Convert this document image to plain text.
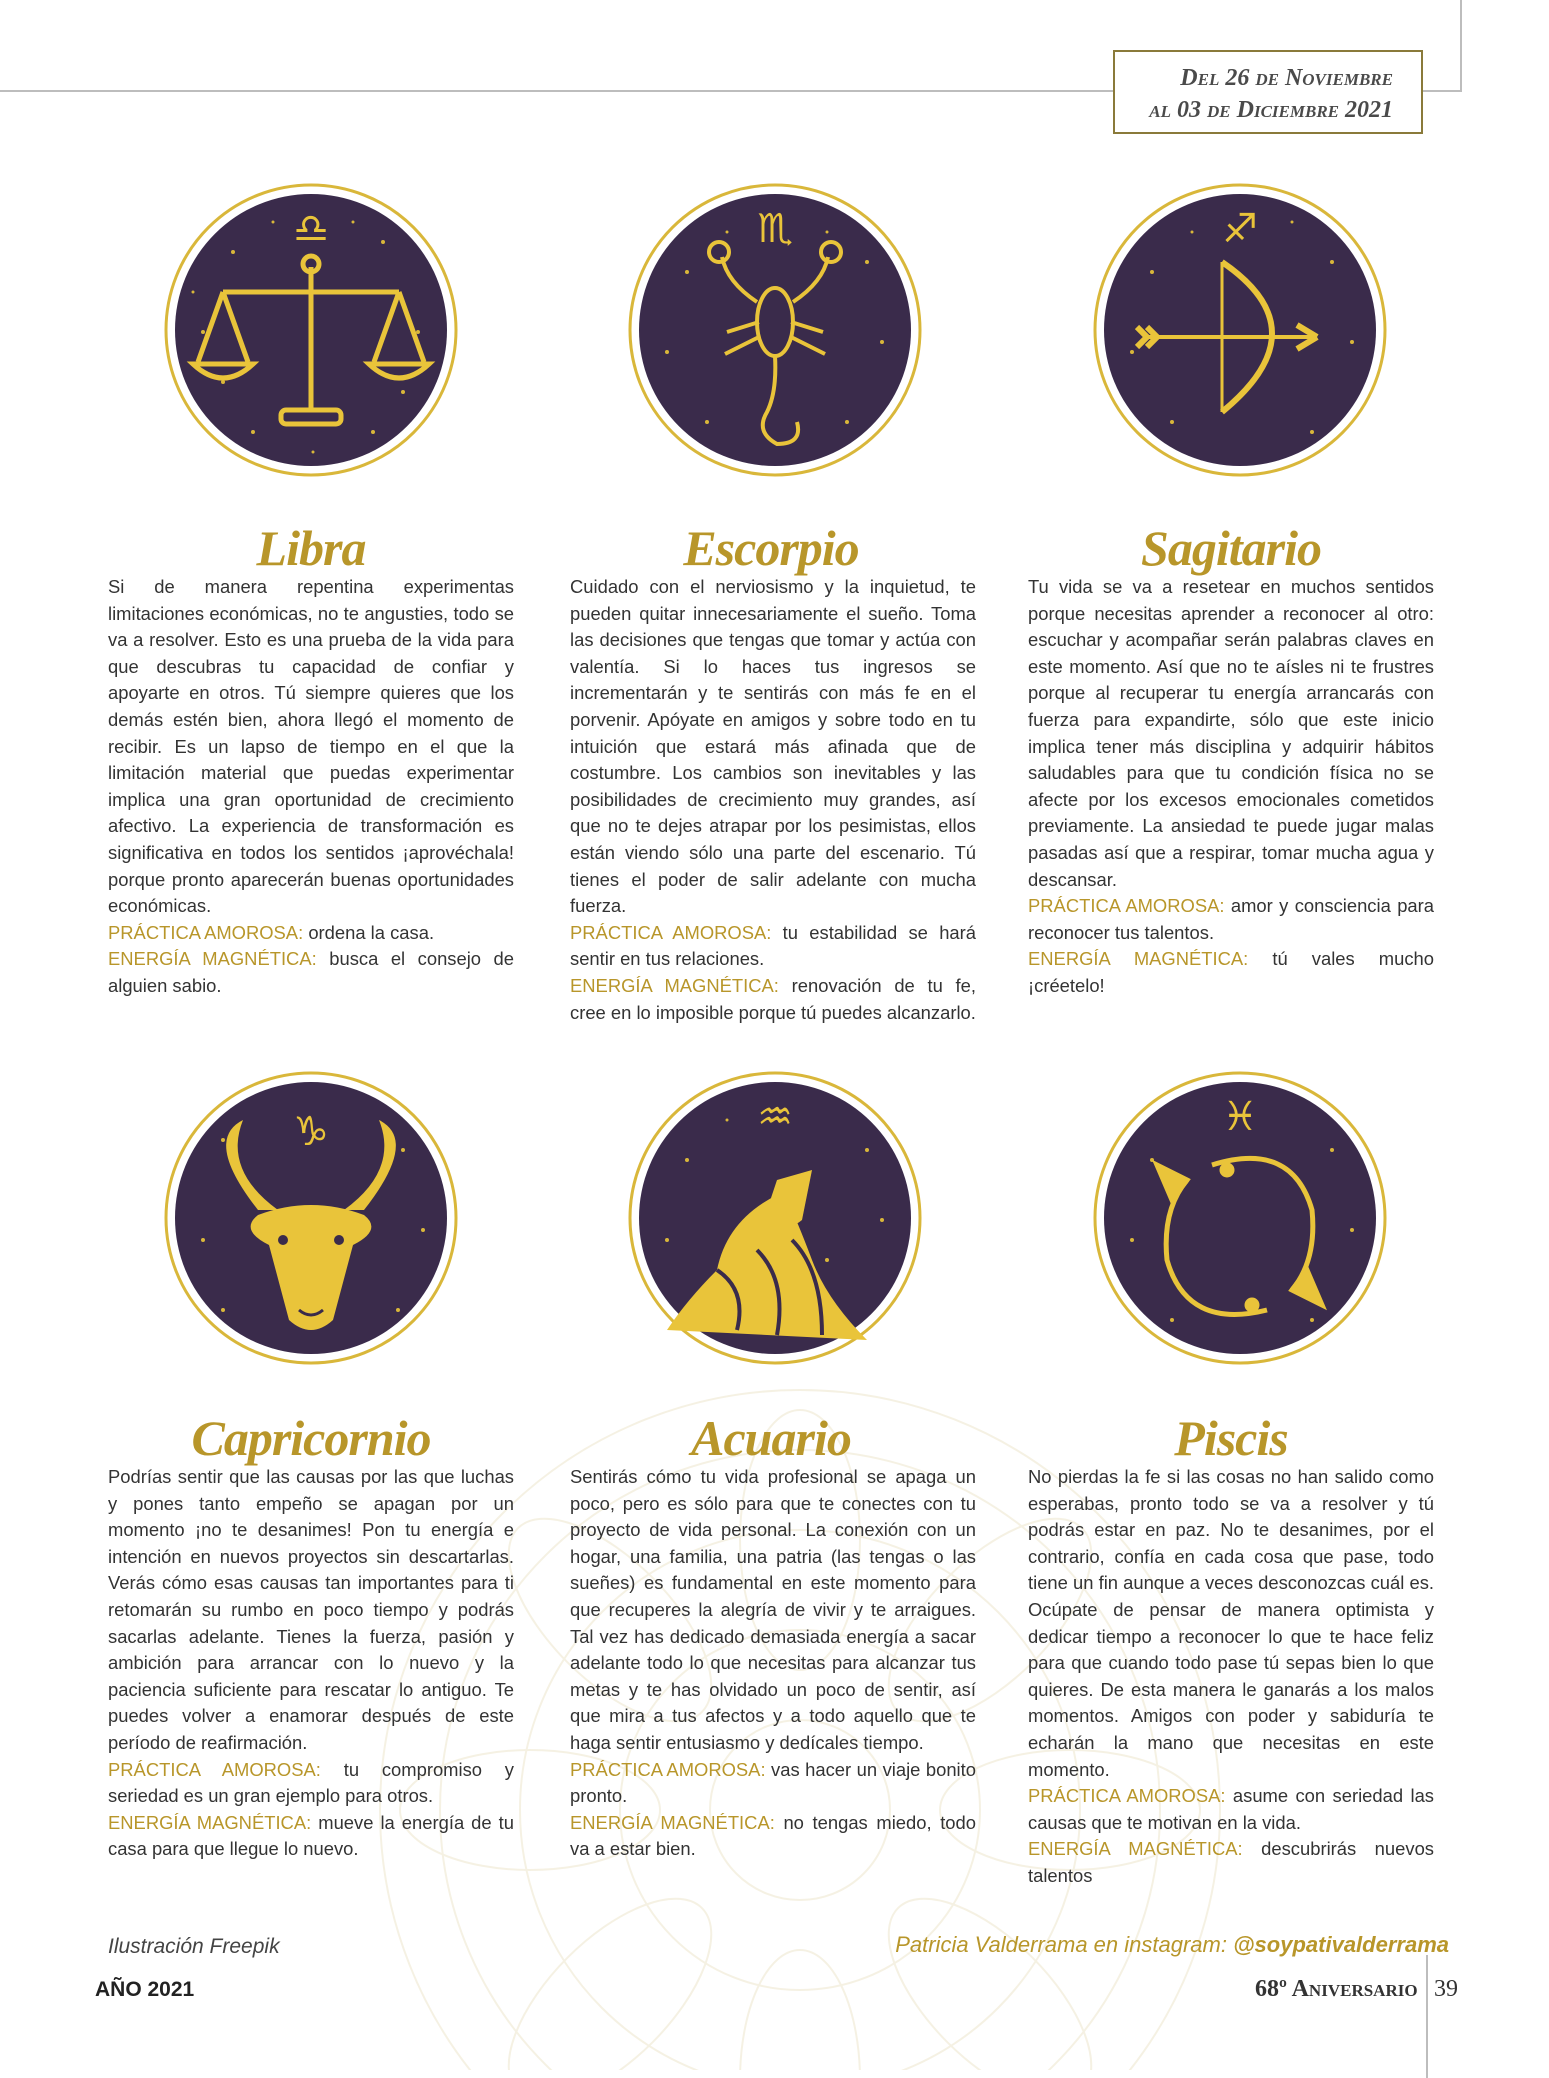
Del 26 de Noviembre
al 03 de Diciembre 2021
♎	♏	♐
Libra	Escorpio	Sagitario

Si de manera repentina experimentas limitaciones económicas, no te angusties, todo se va a resolver. Esto es una prueba de la vida para que descubras tu capacidad de confiar y apoyarte en otros. Tú siempre quieres que los demás estén bien, ahora llegó el momento de recibir. Es un lapso de tiempo en el que la limitación material que puedas experimentar implica una gran oportunidad de crecimiento afectivo. La experiencia de transformación es significativa en todos los sentidos ¡aprovéchala! porque pronto aparecerán buenas oportunidades económicas.

PRÁCTICA AMOROSA: ordena la casa.

ENERGÍA MAGNÉTICA: busca el consejo de alguien sabio.

Cuidado con el nerviosismo y la inquietud, te pueden quitar innecesariamente el sueño. Toma las decisiones que tengas que tomar y actúa con valentía. Si lo haces tus ingresos se incrementarán y te sentirás con más fe en el porvenir. Apóyate en amigos y sobre todo en tu intuición que estará más afinada que de costumbre. Los cambios son inevitables y las posibilidades de crecimiento muy grandes, así que no te dejes atrapar por los pesimistas, ellos están viendo sólo una parte del escenario. Tú tienes el poder de salir adelante con mucha fuerza.

PRÁCTICA AMOROSA: tu estabilidad se hará sentir en tus relaciones.

ENERGÍA MAGNÉTICA: renovación de tu fe, cree en lo imposible porque tú puedes alcanzarlo.

Tu vida se va a resetear en muchos sentidos porque necesitas aprender a reconocer al otro: escuchar y acompañar serán palabras claves en este momento. Así que no te aísles ni te frustres porque al recuperar tu energía arrancarás con fuerza para expandirte, sólo que este inicio implica tener más disciplina y adquirir hábitos saludables para que tu condición física no se afecte por los excesos emocionales cometidos previamente. La ansiedad te puede jugar malas pasadas así que a respirar, tomar mucha agua y descansar.

PRÁCTICA AMOROSA: amor y consciencia para reconocer tus talentos.

ENERGÍA MAGNÉTICA: tú vales mucho ¡créetelo!

♑	♒	♓
Capricornio	Acuario	Piscis

Podrías sentir que las causas por las que luchas y pones tanto empeño se apagan por un momento ¡no te desanimes! Pon tu energía e intención en nuevos proyectos sin descartarlas. Verás cómo esas causas tan importantes para ti retomarán su rumbo en poco tiempo y podrás sacarlas adelante. Tienes la fuerza, pasión y ambición para arrancar con lo nuevo y la paciencia suficiente para rescatar lo antiguo. Te puedes volver a enamorar después de este período de reafirmación.

PRÁCTICA AMOROSA: tu compromiso y seriedad es un gran ejemplo para otros.

ENERGÍA MAGNÉTICA: mueve la energía de tu casa para que llegue lo nuevo.

Sentirás cómo tu vida profesional se apaga un poco, pero es sólo para que te conectes con tu proyecto de vida personal. La conexión con un hogar, una familia, una patria (las tengas o las sueñes) es fundamental en este momento para que recuperes la alegría de vivir y te arraigues. Tal vez has dedicado demasiada energía a sacar adelante todo lo que necesitas para alcanzar tus metas y te has olvidado un poco de sentir, así que mira a tus afectos y a todo aquello que te haga sentir entusiasmo y dedícales tiempo.

PRÁCTICA AMOROSA: vas hacer un viaje bonito pronto.

ENERGÍA MAGNÉTICA: no tengas miedo, todo va a estar bien.

No pierdas la fe si las cosas no han salido como esperabas, pronto todo se va a resolver y tú podrás estar en paz. No te desanimes, por el contrario, confía en cada cosa que pase, todo tiene un fin aunque a veces desconozcas cuál es. Ocúpate de pensar de manera optimista y dedicar tiempo a reconocer lo que te hace feliz para que cuando todo pase tú sepas bien lo que quieres. De esta manera le ganarás a los malos momentos. Amigos con poder y sabiduría te echarán la mano que necesitas en este momento.

PRÁCTICA AMOROSA: asume con seriedad las causas que te motivan en la vida.

ENERGÍA MAGNÉTICA: descubrirás nuevos talentos

Ilustración Freepik	Patricia Valderrama en instagram: @soypativalderrama
AÑO 2021	68º Aniversario 39
